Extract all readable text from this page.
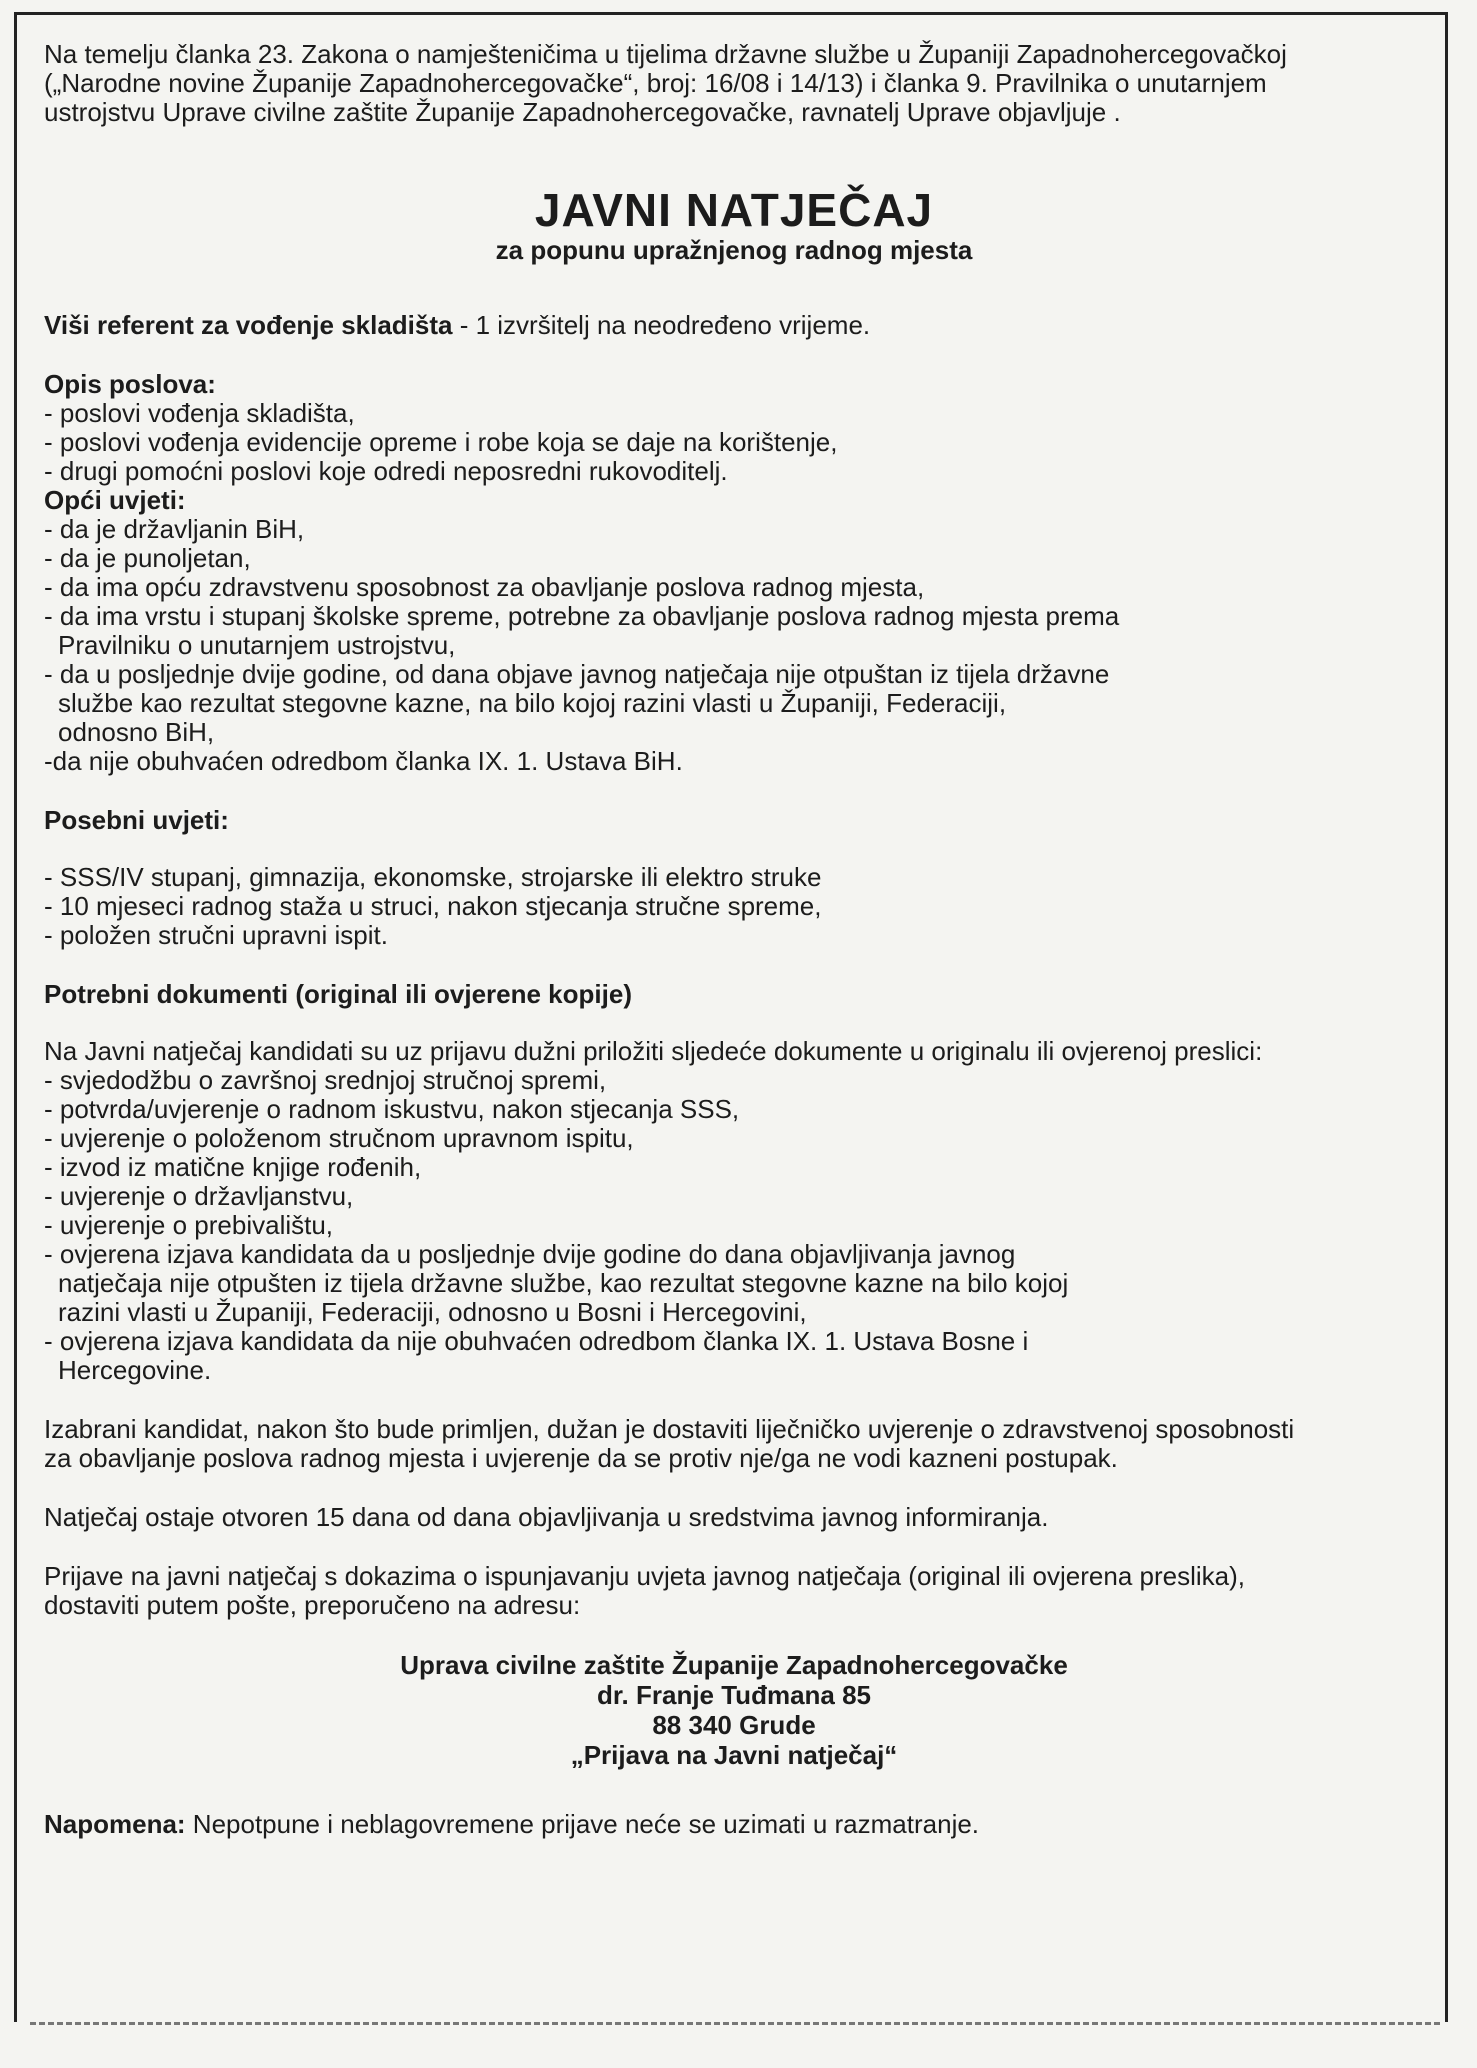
Na temelju članka 23. Zakona o namješteničima u tijelima državne službe u Županiji Zapadnohercegovačkoj

(„Narodne novine Županije Zapadnohercegovačke“, broj: 16/08 i 14/13) i članka 9. Pravilnika o unutarnjem

ustrojstvu Uprave civilne zaštite Županije Zapadnohercegovačke, ravnatelj Uprave objavljuje .

JAVNI NATJEČAJ
za popunu upražnjenog radnog mjesta

Viši referent za vođenje skladišta - 1 izvršitelj na neodređeno vrijeme.

Opis poslova:

- poslovi vođenja skladišta,
- poslovi vođenja evidencije opreme i robe koja se daje na korištenje,
- drugi pomoćni poslovi koje odredi neposredni rukovoditelj.

Opći uvjeti:

- da je državljanin BiH,
- da je punoljetan,
- da ima opću zdravstvenu sposobnost za obavljanje poslova radnog mjesta,
- da ima vrstu i stupanj školske spreme, potrebne za obavljanje poslova radnog mjesta prema
Pravilniku o unutarnjem ustrojstvu,
- da u posljednje dvije godine, od dana objave javnog natječaja nije otpuštan iz tijela državne
službe kao rezultat stegovne kazne, na bilo kojoj razini vlasti u Županiji, Federaciji,
odnosno BiH,
-da nije obuhvaćen odredbom članka IX. 1. Ustava BiH.

Posebni uvjeti:

- SSS/IV stupanj, gimnazija, ekonomske, strojarske ili elektro struke
- 10 mjeseci radnog staža u struci, nakon stjecanja stručne spreme,
- položen stručni upravni ispit.

Potrebni dokumenti (original ili ovjerene kopije)

Na Javni natječaj kandidati su uz prijavu dužni priložiti sljedeće dokumente u originalu ili ovjerenoj preslici:

- svjedodžbu o završnoj srednjoj stručnoj spremi,
- potvrda/uvjerenje o radnom iskustvu, nakon stjecanja SSS,
- uvjerenje o položenom stručnom upravnom ispitu,
- izvod iz matične knjige rođenih,
- uvjerenje o državljanstvu,
- uvjerenje o prebivalištu,
- ovjerena izjava kandidata da u posljednje dvije godine do dana objavljivanja javnog
natječaja nije otpušten iz tijela državne službe, kao rezultat stegovne kazne na bilo kojoj
razini vlasti u Županiji, Federaciji, odnosno u Bosni i Hercegovini,
- ovjerena izjava kandidata da nije obuhvaćen odredbom članka IX. 1. Ustava Bosne i
Hercegovine.

Izabrani kandidat, nakon što bude primljen, dužan je dostaviti liječničko uvjerenje o zdravstvenoj sposobnosti

za obavljanje poslova radnog mjesta i uvjerenje da se protiv nje/ga ne vodi kazneni postupak.

Natječaj ostaje otvoren 15 dana od dana objavljivanja u sredstvima javnog informiranja.

Prijave na javni natječaj s dokazima o ispunjavanju uvjeta javnog natječaja (original ili ovjerena preslika),

dostaviti putem pošte, preporučeno na adresu:

Uprava civilne zaštite Županije Zapadnohercegovačke

dr. Franje Tuđmana 85

88 340 Grude

„Prijava na Javni natječaj“

Napomena: Nepotpune i neblagovremene prijave neće se uzimati u razmatranje.
